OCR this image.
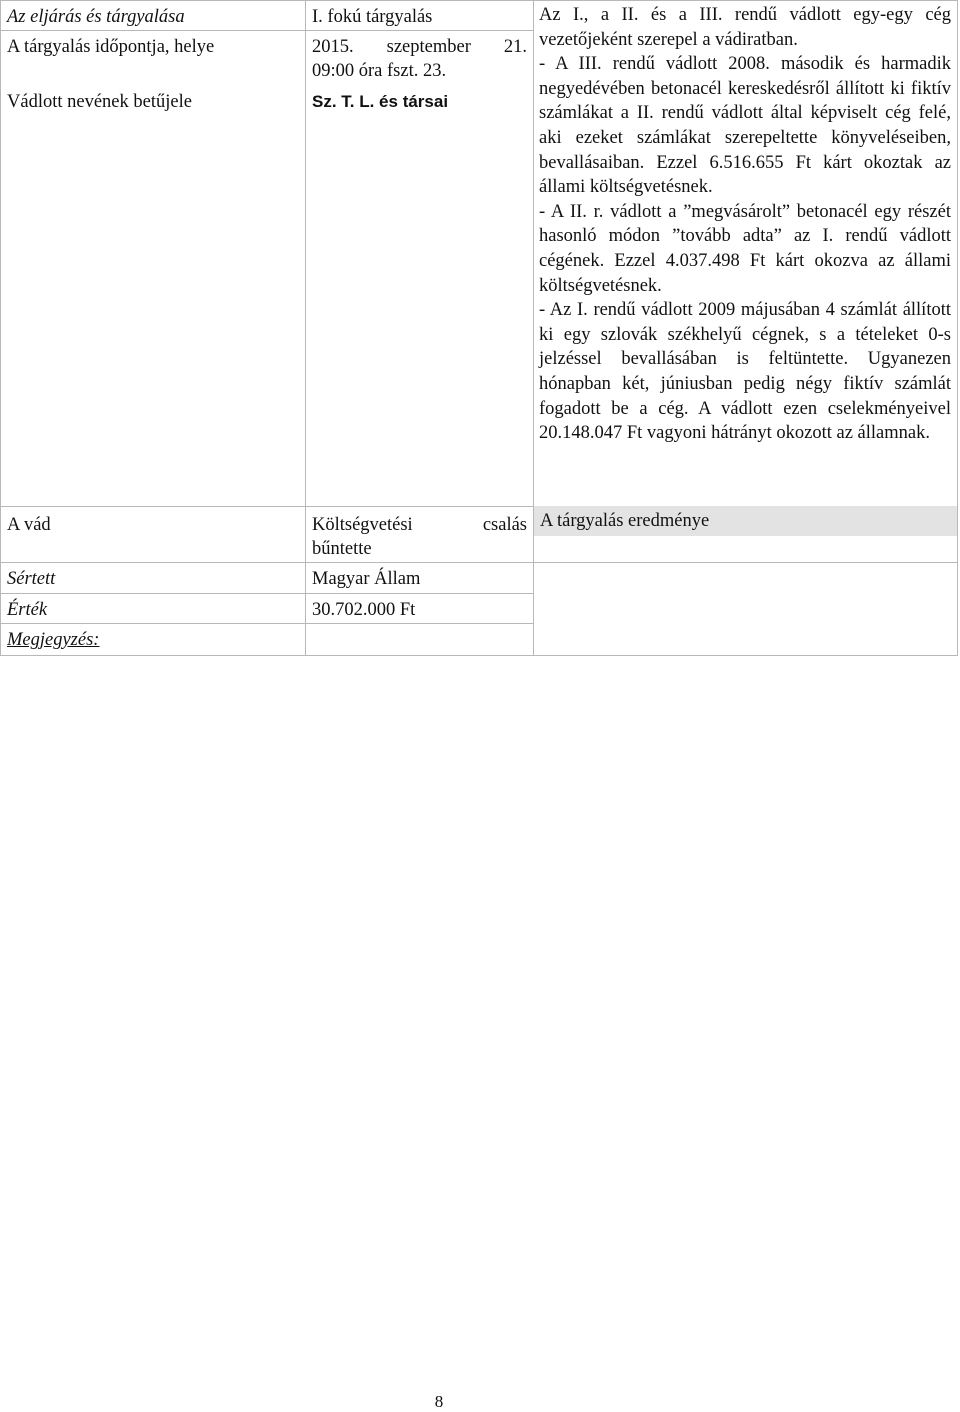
Az eljárás és tárgyalása	I. fokú tárgyalás
A tárgyalás időpontja, helye	2015. szeptember 21.
09:00 óra fszt. 23.
Vádlott nevének betűjele	Sz. T. L. és társai
A vád	Költségvetési csalás
bűntette
Sértett	Magyar Állam
Érték	30.702.000 Ft
Megjegyzés:

Az I., a II. és a III. rendű vádlott egy-egy cég vezetőjeként szerepel a vádiratban.

- A III. rendű vádlott 2008. második és harmadik negyedévében betonacél kereskedésről állított ki fiktív számlákat a II. rendű vádlott által képviselt cég felé, aki ezeket számlákat szerepeltette könyveléseiben, bevallásaiban. Ezzel 6.516.655 Ft kárt okoztak az állami költségvetésnek.

- A II. r. vádlott a ”megvásárolt” betonacél egy részét hasonló módon ”tovább adta” az I. rendű vádlott cégének. Ezzel 4.037.498 Ft kárt okozva az állami költségvetésnek.

- Az I. rendű vádlott 2009 májusában 4 számlát állított ki egy szlovák székhelyű cégnek, s a tételeket 0-s jelzéssel bevallásában is feltüntette. Ugyanezen hónapban két, júniusban pedig négy fiktív számlát fogadott be a cég. A vádlott ezen cselekményeivel 20.148.047 Ft vagyoni hátrányt okozott az államnak.

A tárgyalás eredménye
8
